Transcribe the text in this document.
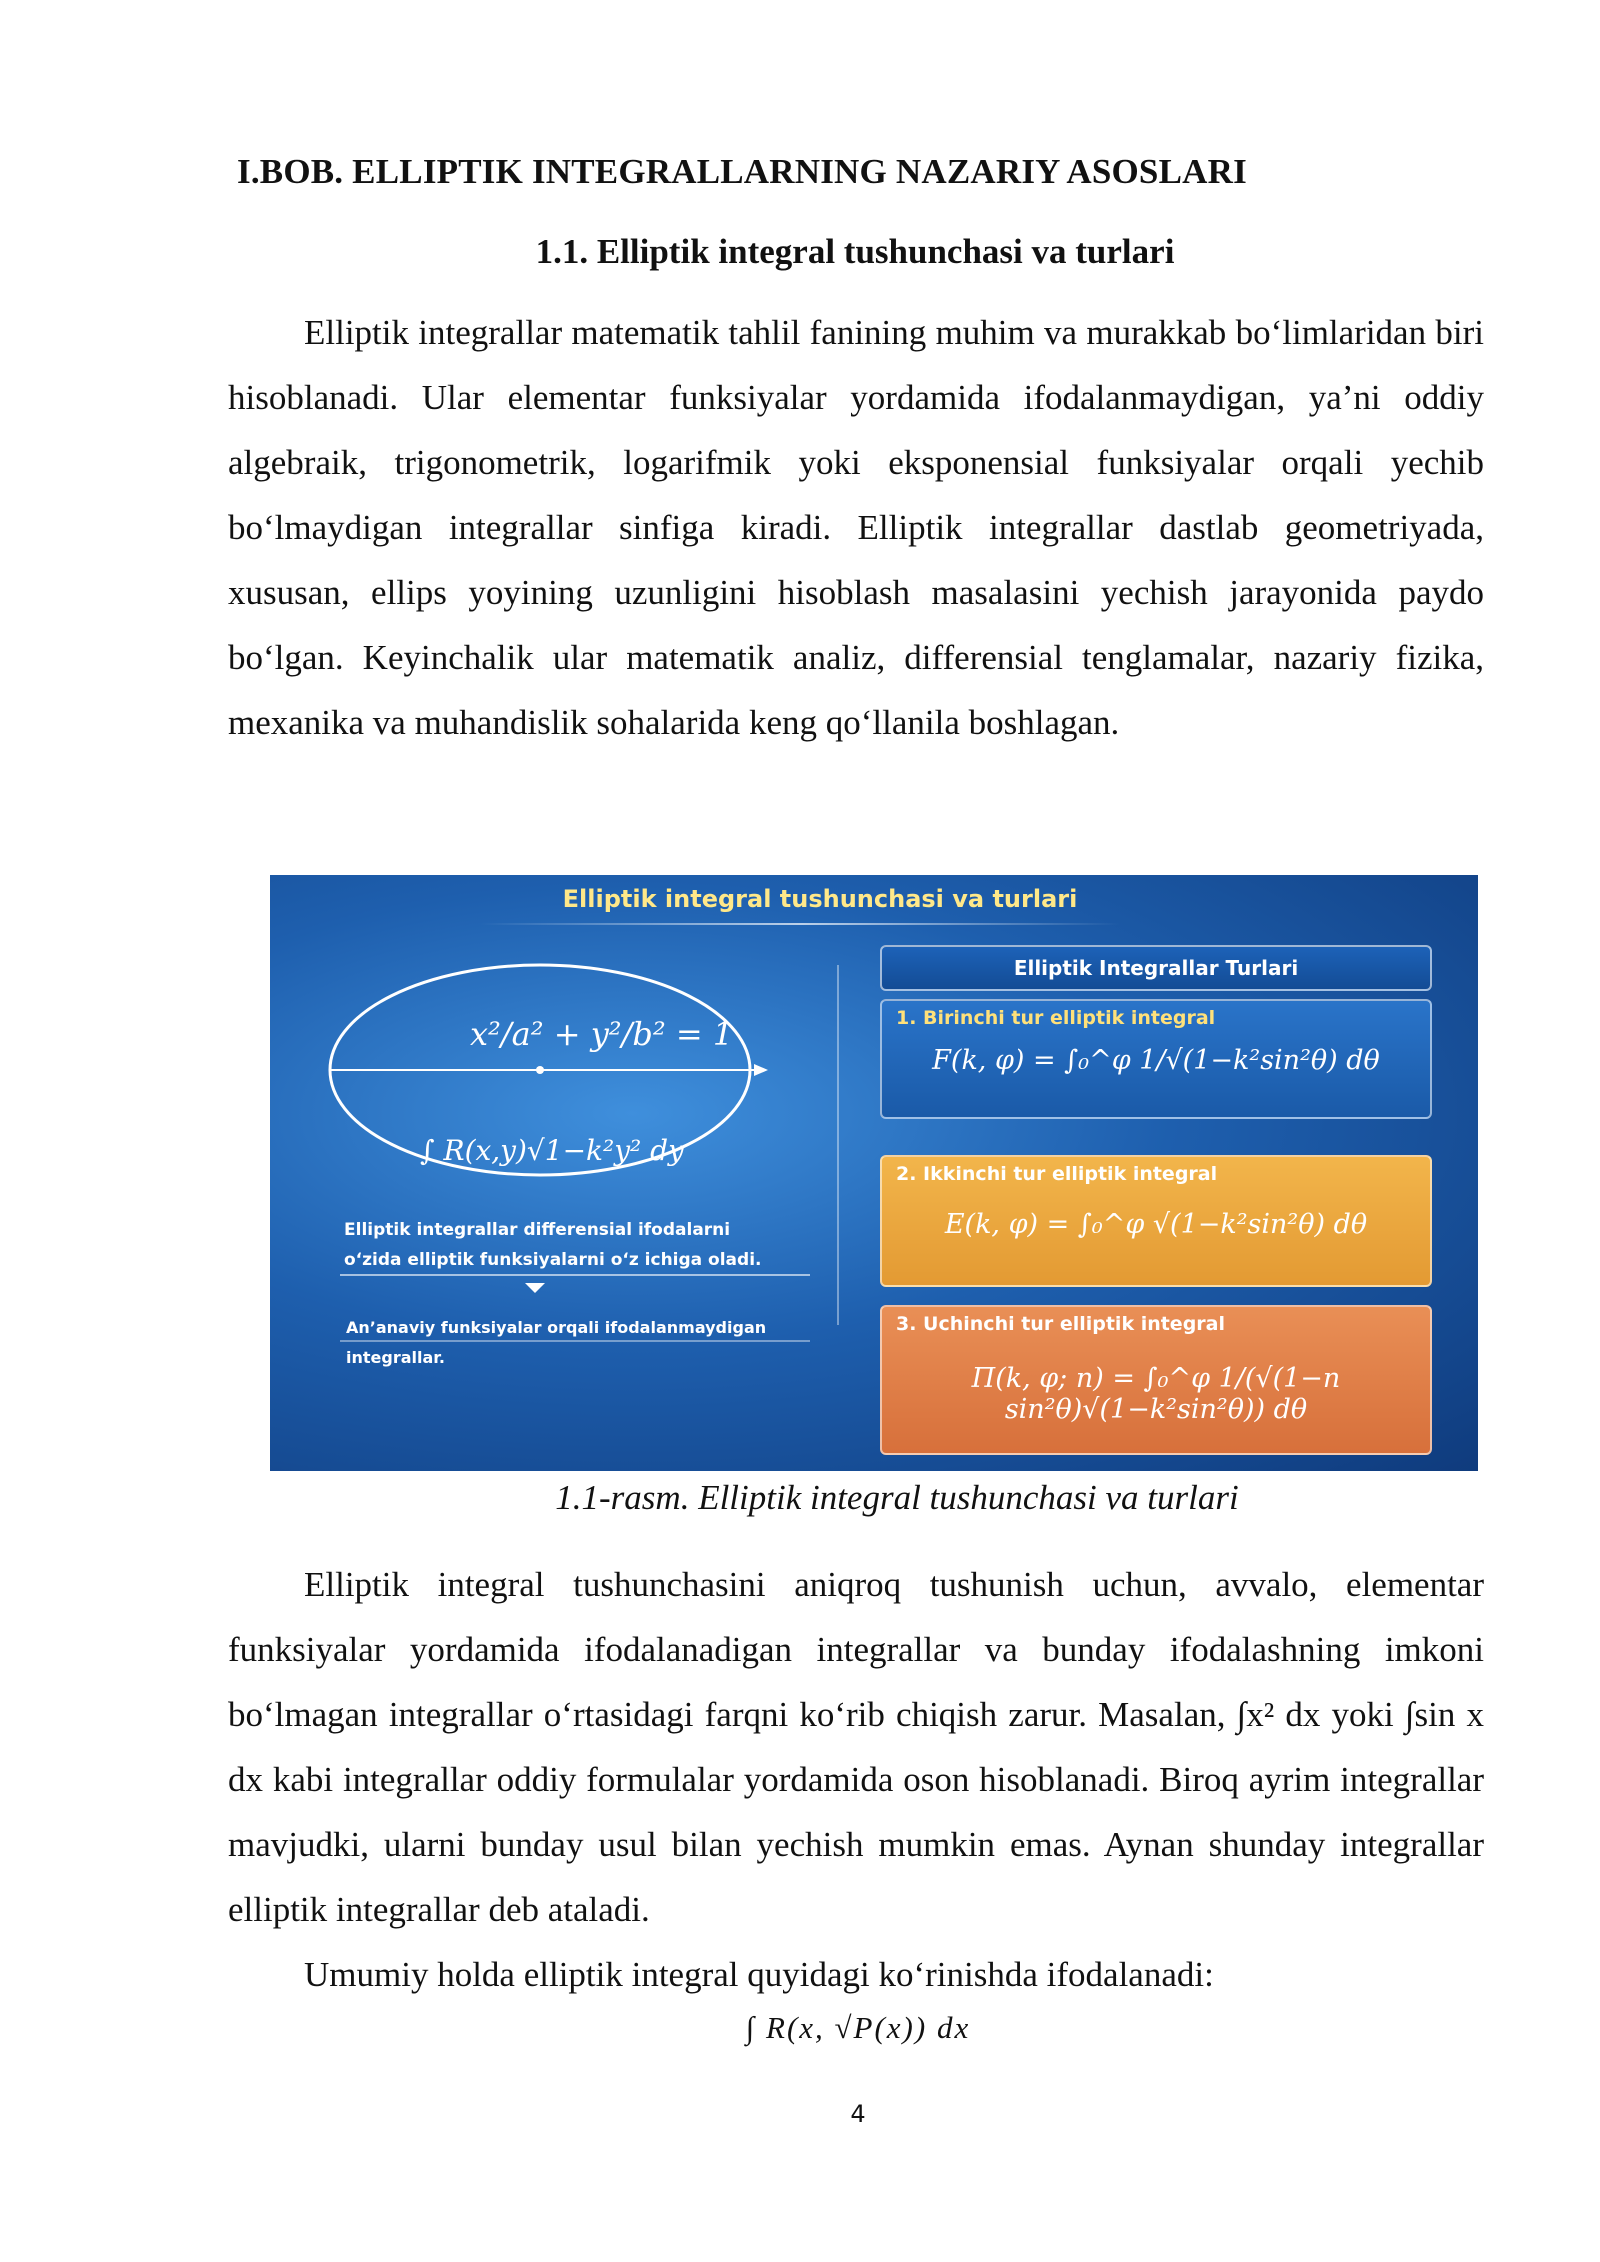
I.BOB. ELLIPTIK INTEGRALLARNING NAZARIY ASOSLARI
1.1. Elliptik integral tushunchasi va turlari
Elliptik integrallar matematik tahlil fanining muhim va murakkab bo‘limlaridan biri hisoblanadi. Ular elementar funksiyalar yordamida ifodalanmaydigan, ya’ni oddiy algebraik, trigonometrik, logarifmik yoki eksponensial funksiyalar orqali yechib bo‘lmaydigan integrallar sinfiga kiradi. Elliptik integrallar dastlab geometriyada, xususan, ellips yoyining uzunligini hisoblash masalasini yechish jarayonida paydo bo‘lgan. Keyinchalik ular matematik analiz, differensial tenglamalar, nazariy fizika, mexanika va muhandislik sohalarida keng qo‘llanila boshlagan.
Elliptik integral tushunchasi va turlari
x²/a² + y²/b² = 1
∫ R(x,y)√1−k²y² dy
Elliptik integrallar differensial ifodalarni o‘zida elliptik funksiyalarni o‘z ichiga oladi.
An’anaviy funksiyalar orqali ifodalanmaydigan integrallar.
Elliptik Integrallar Turlari
1. Birinchi tur elliptik integral
F(k, φ) = ∫₀^φ 1/√(1−k²sin²θ) dθ
2. Ikkinchi tur elliptik integral
E(k, φ) = ∫₀^φ √(1−k²sin²θ) dθ
3. Uchinchi tur elliptik integral
Π(k, φ; n) = ∫₀^φ 1/(√(1−n sin²θ)√(1−k²sin²θ)) dθ
1.1-rasm. Elliptik integral tushunchasi va turlari
Elliptik integral tushunchasini aniqroq tushunish uchun, avvalo, elementar funksiyalar yordamida ifodalanadigan integrallar va bunday ifodalashning imkoni bo‘lmagan integrallar o‘rtasidagi farqni ko‘rib chiqish zarur. Masalan, ∫x² dx yoki ∫sin x dx kabi integrallar oddiy formulalar yordamida oson hisoblanadi. Biroq ayrim integrallar mavjudki, ularni bunday usul bilan yechish mumkin emas. Aynan shunday integrallar elliptik integrallar deb ataladi.
Umumiy holda elliptik integral quyidagi ko‘rinishda ifodalanadi:
∫ R(x, √P(x)) dx
4
